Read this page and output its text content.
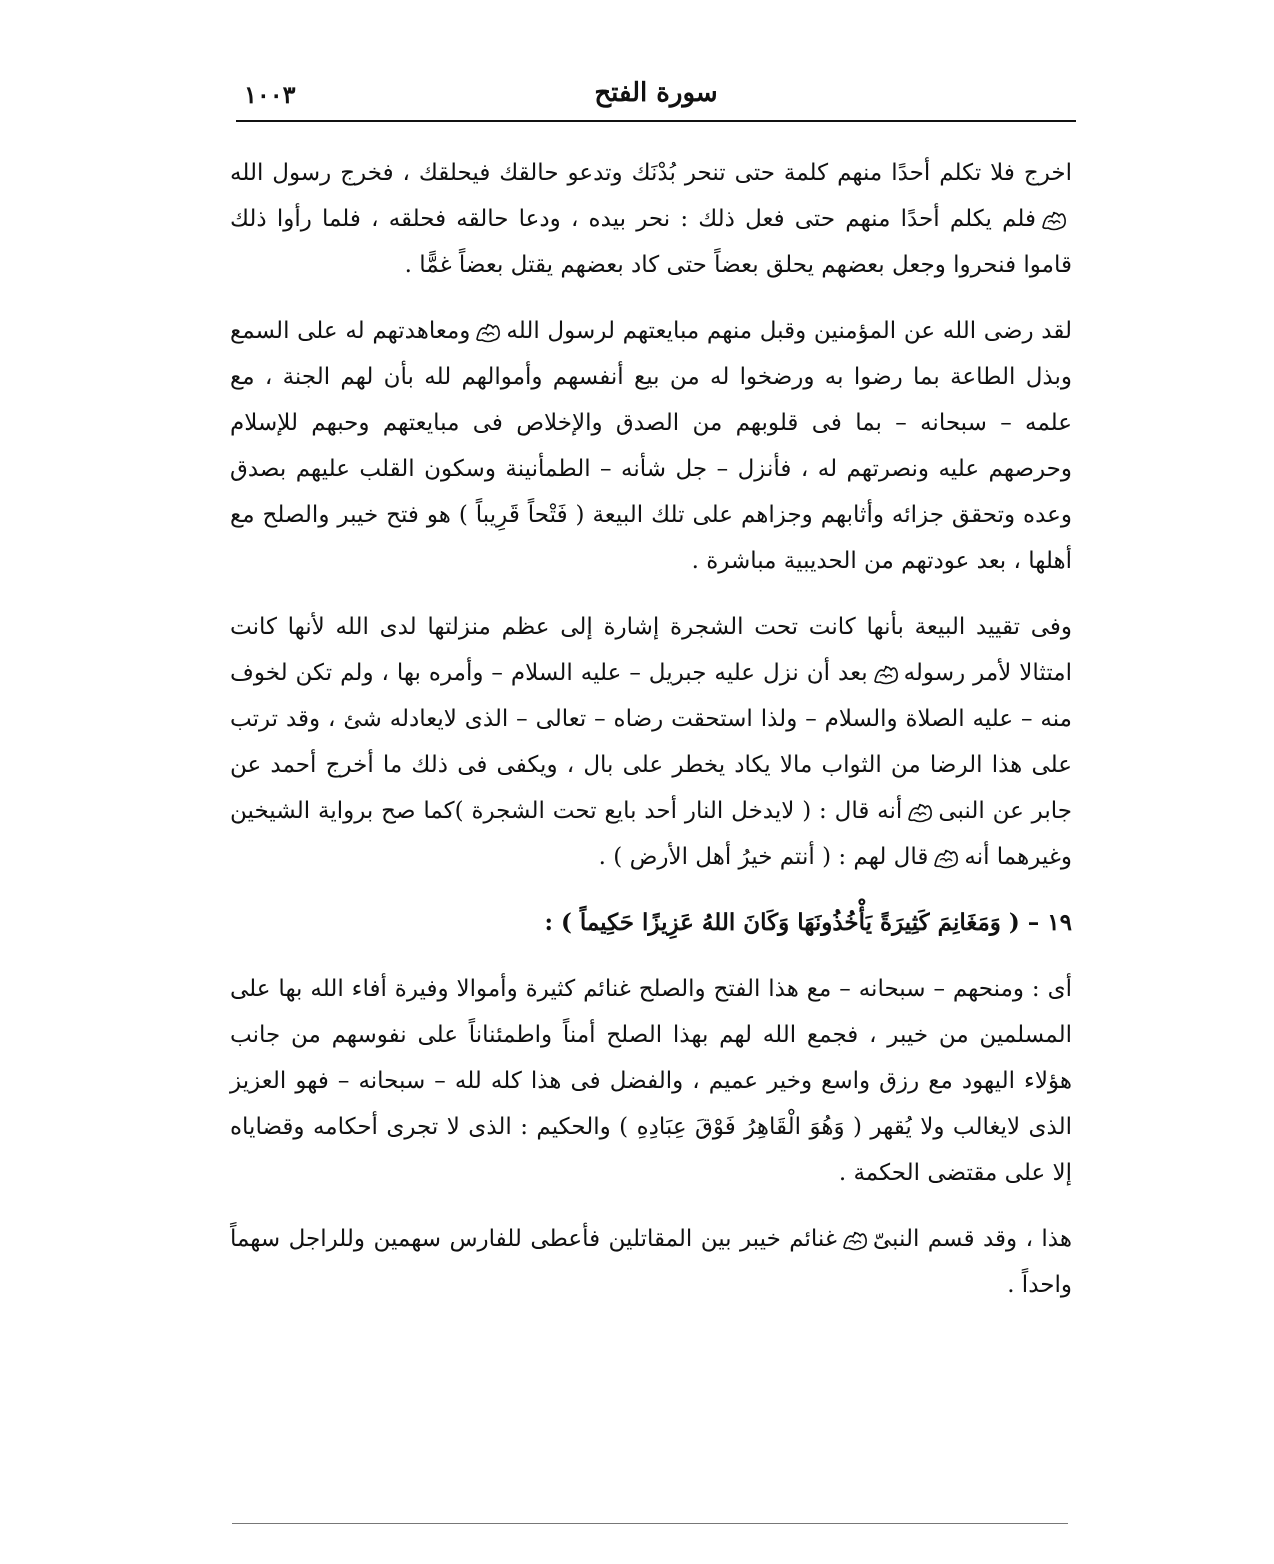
سورة الفتح
١٠٠٣

اخرج فلا تكلم أحدًا منهم كلمة حتى تنحر بُدْنَك وتدعو حالقك فيحلقك ، فخرج رسول الله
فلم يكلم أحدًا منهم حتى فعل ذلك : نحر بيده ، ودعا حالقه فحلقه ، فلما رأوا ذلك قاموا فنحروا وجعل بعضهم يحلق بعضاً حتى كاد بعضهم يقتل بعضاً غمًّا .

لقد رضى الله عن المؤمنين وقبل منهم مبايعتهم لرسول الله
ومعاهدتهم له على السمع وبذل الطاعة بما رضوا به ورضخوا له من بيع أنفسهم وأموالهم لله بأن لهم الجنة ، مع علمه – سبحانه – بما فى قلوبهم من الصدق والإخلاص فى مبايعتهم وحبهم للإسلام وحرصهم عليه ونصرتهم له ، فأنزل – جل شأنه – الطمأنينة وسكون القلب عليهم بصدق وعده وتحقق جزائه وأثابهم وجزاهم على تلك البيعة ( فَتْحاً قَرِيباً ) هو فتح خيبر والصلح مع أهلها ، بعد عودتهم من الحديبية مباشرة .

وفى تقييد البيعة بأنها كانت تحت الشجرة إشارة إلى عظم منزلتها لدى الله لأنها كانت امتثالا لأمر رسوله
بعد أن نزل عليه جبريل – عليه السلام – وأمره بها ، ولم تكن لخوف منه – عليه الصلاة والسلام – ولذا استحقت رضاه – تعالى – الذى لايعادله شئ ، وقد ترتب على هذا الرضا من الثواب مالا يكاد يخطر على بال ، ويكفى فى ذلك ما أخرج أحمد عن جابر عن النبى
أنه قال : ( لايدخل النار أحد بايع تحت الشجرة )كما صح برواية الشيخين وغيرهما أنه
قال لهم : ( أنتم خيرُ أهل الأرض ) .

١٩ – ( وَمَغَانِمَ كَثِيرَةً يَأْخُذُونَهَا وَكَانَ اللهُ عَزِيزًا حَكِيماً ) :

أى : ومنحهم – سبحانه – مع هذا الفتح والصلح غنائم كثيرة وأموالا وفيرة أفاء الله بها على المسلمين من خيبر ، فجمع الله لهم بهذا الصلح أمناً واطمئناناً على نفوسهم من جانب هؤلاء اليهود مع رزق واسع وخير عميم ، والفضل فى هذا كله لله – سبحانه – فهو العزيز الذى لايغالب ولا يُقهر ( وَهُوَ الْقَاهِرُ فَوْقَ عِبَادِهِ ) والحكيم : الذى لا تجرى أحكامه وقضاياه إلا على مقتضى الحكمة .

هذا ، وقد قسم النبىّ
غنائم خيبر بين المقاتلين فأعطى للفارس سهمين وللراجل سهماً واحداً .
